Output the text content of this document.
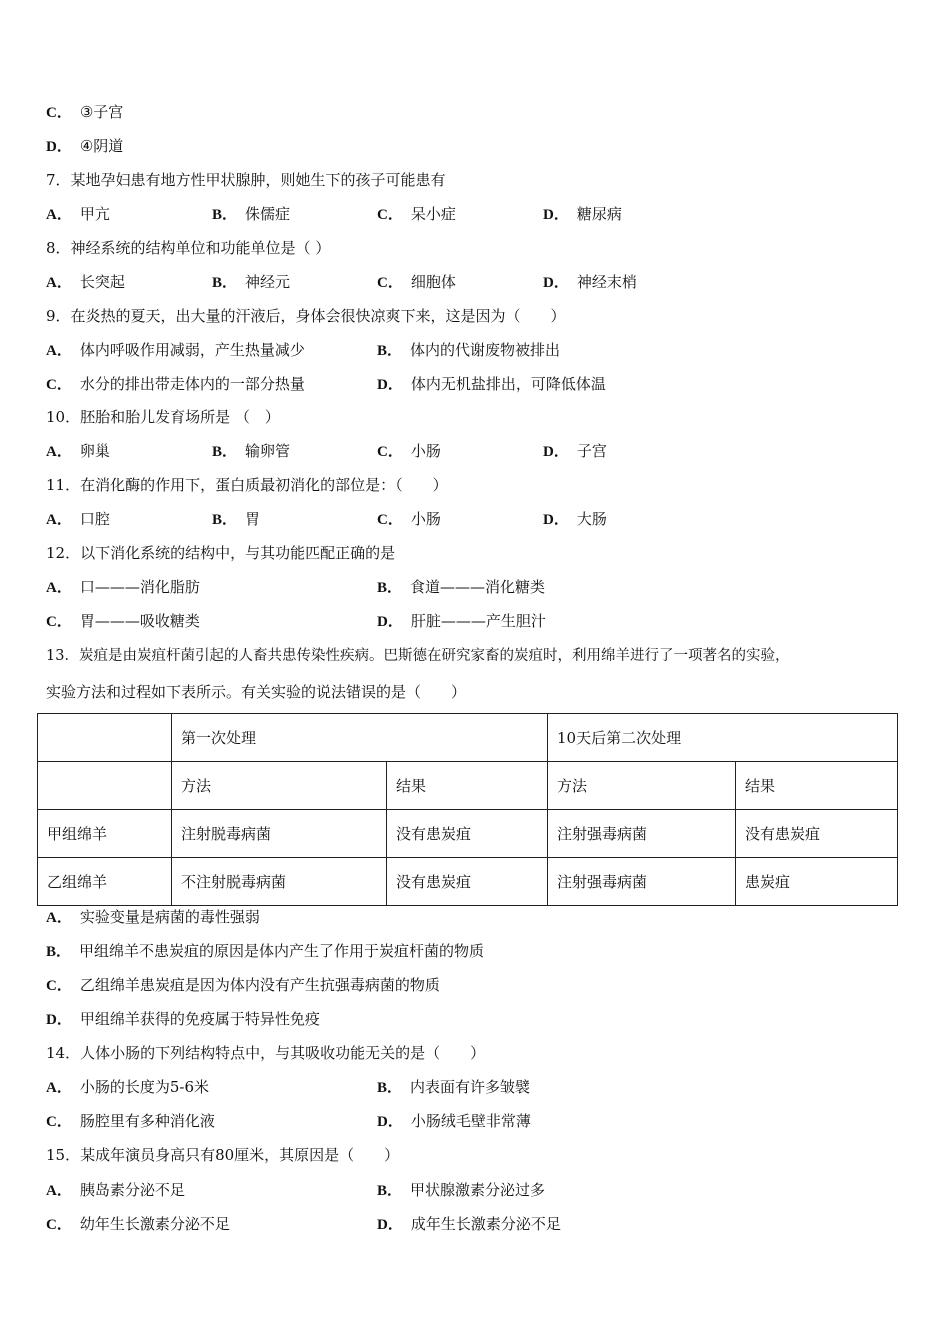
C． ③子宫
D． ④阴道
7．某地孕妇患有地方性甲状腺肿，则她生下的孩子可能患有
A． 甲亢	B． 侏儒症	C． 呆小症	D． 糖尿病
8．神经系统的结构单位和功能单位是（ ）
A． 长突起	B． 神经元	C． 细胞体	D． 神经末梢
9．在炎热的夏天，出大量的汗液后，身体会很快凉爽下来，这是因为（　　）
A． 体内呼吸作用减弱，产生热量减少	B． 体内的代谢废物被排出
C． 水分的排出带走体内的一部分热量	D． 体内无机盐排出，可降低体温
10．胚胎和胎儿发育场所是 （　）
A． 卵巢	B． 输卵管	C． 小肠	D． 子宫
11．在消化酶的作用下，蛋白质最初消化的部位是：（　　）
A． 口腔	B． 胃	C． 小肠	D． 大肠
12．以下消化系统的结构中，与其功能匹配正确的是
A． 口———消化脂肪	B． 食道———消化糖类
C． 胃———吸收糖类	D． 肝脏———产生胆汁
13．炭疽是由炭疽杆菌引起的人畜共患传染性疾病。巴斯德在研究家畜的炭疽时，利用绵羊进行了一项著名的实验，
实验方法和过程如下表所示。有关实验的说法错误的是（　　）
	第一次处理		10天后第二次处理	
	方法	结果	方法	结果
甲组绵羊	注射脱毒病菌	没有患炭疽	注射强毒病菌	没有患炭疽
乙组绵羊	不注射脱毒病菌	没有患炭疽	注射强毒病菌	患炭疽
A． 实验变量是病菌的毒性强弱
B． 甲组绵羊不患炭疽的原因是体内产生了作用于炭疽杆菌的物质
C． 乙组绵羊患炭疽是因为体内没有产生抗强毒病菌的物质
D． 甲组绵羊获得的免疫属于特异性免疫
14．人体小肠的下列结构特点中，与其吸收功能无关的是（　　）
A． 小肠的长度为5-6米	B． 内表面有许多皱襞
C． 肠腔里有多种消化液	D． 小肠绒毛壁非常薄
15．某成年演员身高只有80厘米，其原因是（　　）
A． 胰岛素分泌不足	B． 甲状腺激素分泌过多
C． 幼年生长激素分泌不足	D． 成年生长激素分泌不足
